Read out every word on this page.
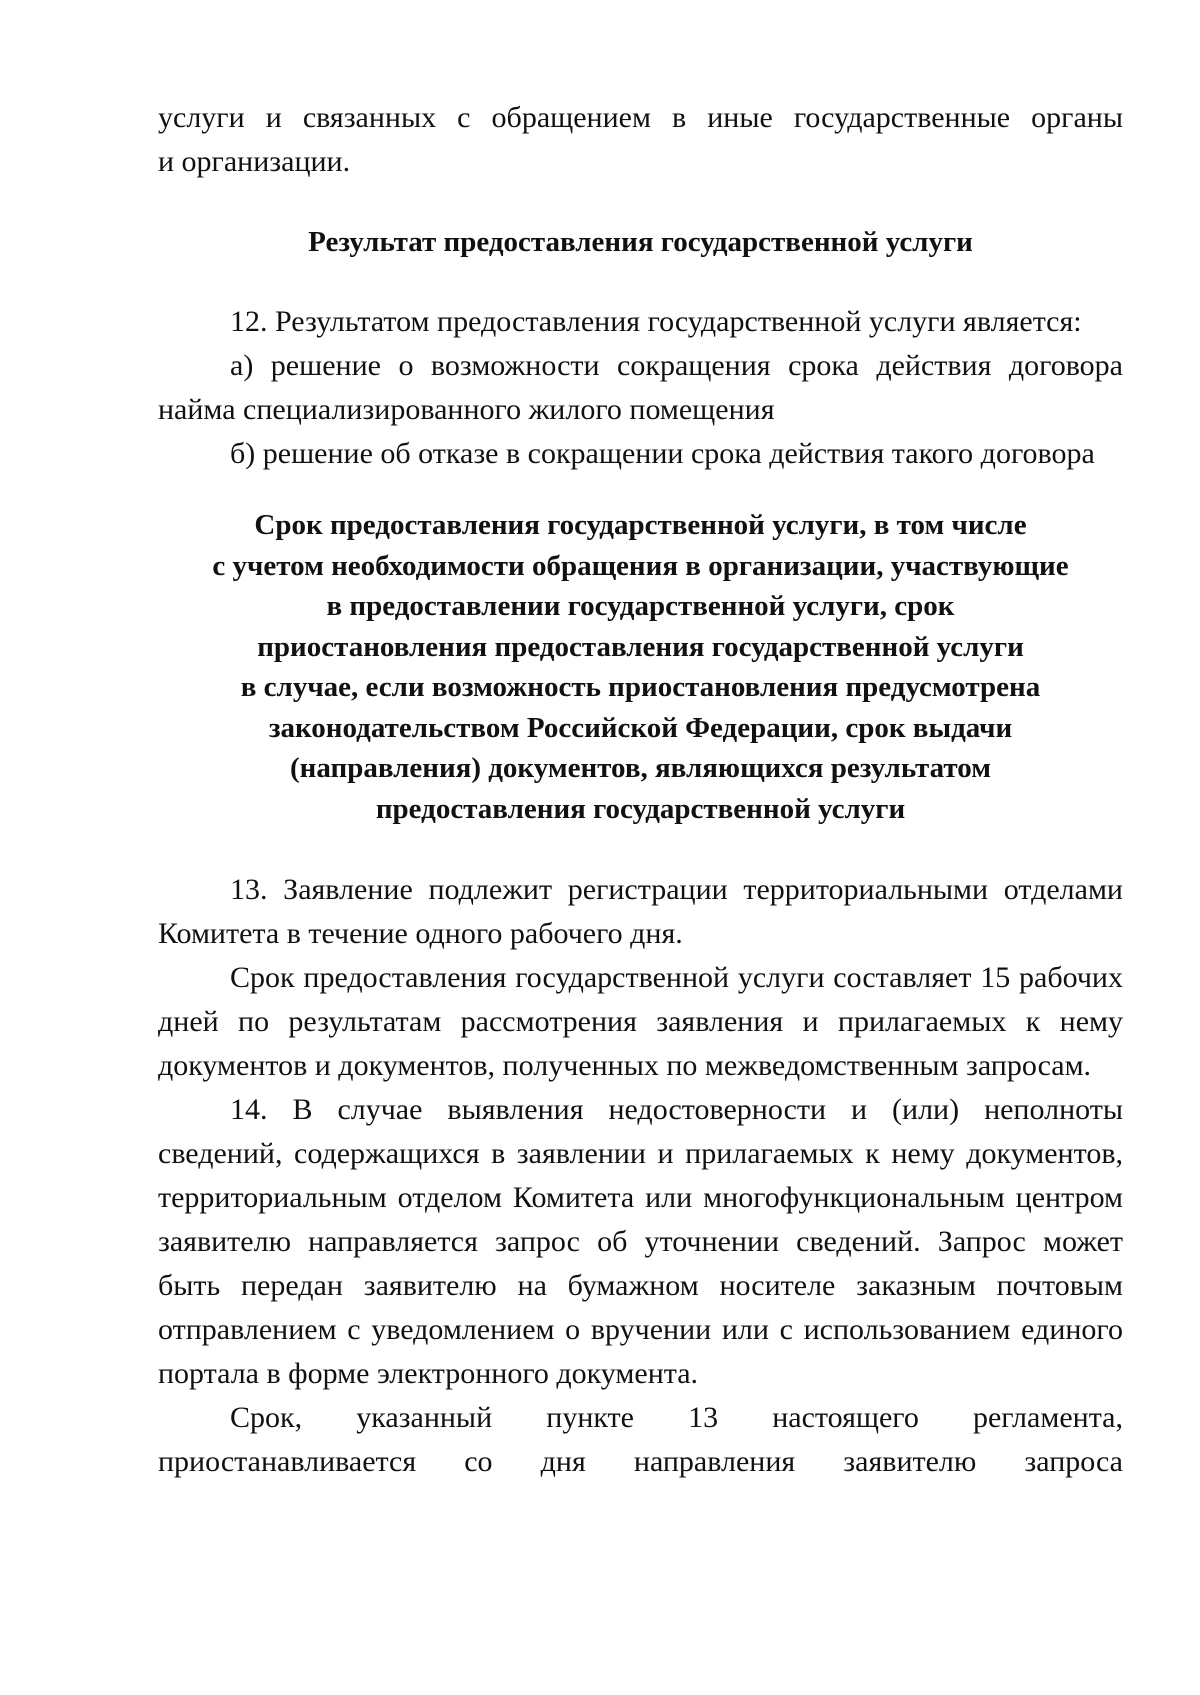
услуги и связанных с обращением в иные государственные органы

и организации.

Результат предоставления государственной услуги

12. Результатом предоставления государственной услуги является:

а) решение о возможности сокращения срока действия договора найма специализированного жилого помещения

б) решение об отказе в сокращении срока действия такого договора

Срок предоставления государственной услуги, в том числе
с учетом необходимости обращения в организации, участвующие
в предоставлении государственной услуги, срок
приостановления предоставления государственной услуги
в случае, если возможность приостановления предусмотрена
законодательством Российской Федерации, срок выдачи
(направления) документов, являющихся результатом
предоставления государственной услуги

13. Заявление подлежит регистрации территориальными отделами Комитета в течение одного рабочего дня.

Срок предоставления государственной услуги составляет 15 рабочих дней по результатам рассмотрения заявления и прилагаемых к нему документов и документов, полученных по межведомственным запросам.

14. В случае выявления недостоверности и (или) неполноты сведений, содержащихся в заявлении и прилагаемых к нему документов, территориальным отделом Комитета или многофункциональным центром заявителю направляется запрос об уточнении сведений. Запрос может быть передан заявителю на бумажном носителе заказным почтовым отправлением с уведомлением о вручении или с использованием единого портала в форме электронного документа.

Срок, указанный пункте 13 настоящего регламента, приостанавливается со дня направления заявителю запроса
